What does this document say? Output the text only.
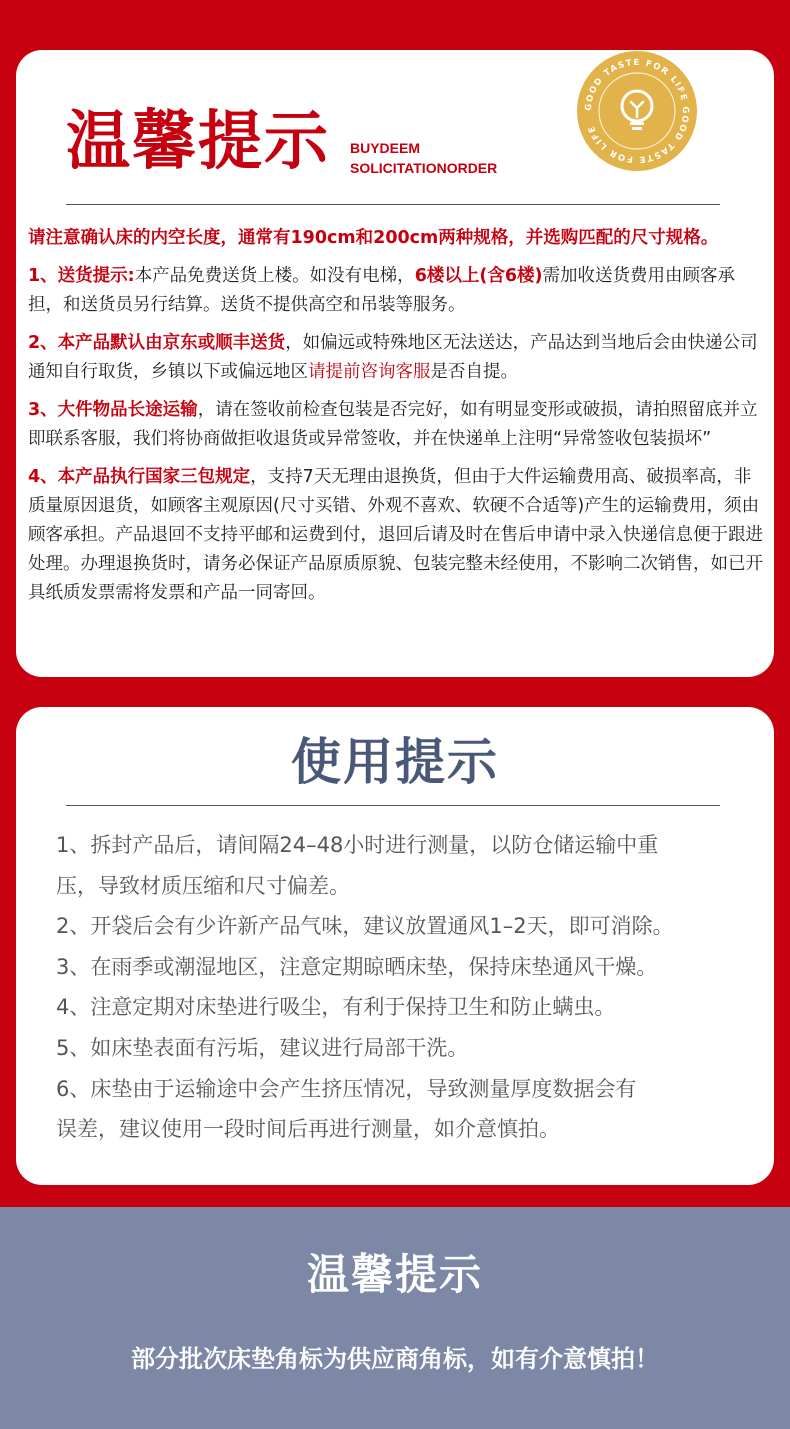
温馨提示 BUYDEEM
SOLICITATIONORDER
GOOD TASTE FOR LIFE GOOD TASTE FOR LIFE

请注意确认床的内空长度，通常有190cm和200cm两种规格，并选购匹配的尺寸规格。

1、送货提示:本产品免费送货上楼。如没有电梯，6楼以上(含6楼)需加收送货费用由顾客承担，和送货员另行结算。送货不提供高空和吊装等服务。

2、本产品默认由京东或顺丰送货，如偏远或特殊地区无法送达，产品达到当地后会由快递公司通知自行取货，乡镇以下或偏远地区请提前咨询客服是否自提。

3、大件物品长途运输，请在签收前检查包装是否完好，如有明显变形或破损，请拍照留底并立即联系客服，我们将协商做拒收退货或异常签收，并在快递单上注明“异常签收包装损坏”

4、本产品执行国家三包规定，支持7天无理由退换货，但由于大件运输费用高、破损率高，非质量原因退货，如顾客主观原因(尺寸买错、外观不喜欢、软硬不合适等)产生的运输费用，须由顾客承担。产品退回不支持平邮和运费到付，退回后请及时在售后申请中录入快递信息便于跟进处理。办理退换货时，请务必保证产品原质原貌、包装完整未经使用，不影响二次销售，如已开具纸质发票需将发票和产品一同寄回。

使用提示
1、拆封产品后，请间隔24–48小时进行测量，以防仓储运输中重
压，导致材质压缩和尺寸偏差。
2、开袋后会有少许新产品气味，建议放置通风1–2天，即可消除。
3、在雨季或潮湿地区，注意定期晾晒床垫，保持床垫通风干燥。
4、注意定期对床垫进行吸尘，有利于保持卫生和防止螨虫。
5、如床垫表面有污垢，建议进行局部干洗。
6、床垫由于运输途中会产生挤压情况，导致测量厚度数据会有
误差，建议使用一段时间后再进行测量，如介意慎拍。
温馨提示
部分批次床垫角标为供应商角标，如有介意慎拍！
